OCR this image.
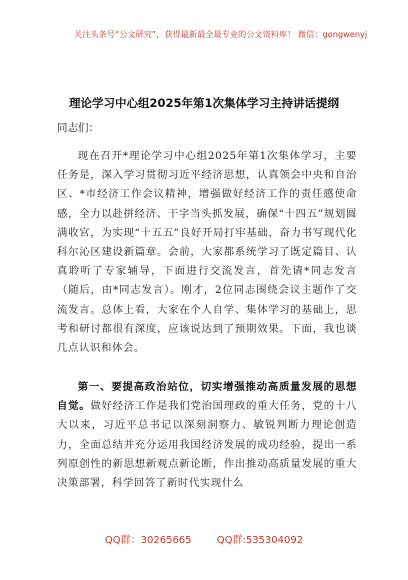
关注头条号“公文研究”，获得最新最全最专业的公文资料库！ 微信：gongwenyj
理论学习中心组2025年第1次集体学习主持讲话提纲
同志们：

现在召开*理论学习中心组2025年第1次集体学习，主要任务是，深入学习贯彻习近平经济思想，认真领会中央和自治区、*市经济工作会议精神，增强做好经济工作的责任感使命感，全力以赴拼经济、干字当头抓发展，确保“十四五”规划圆满收官，为实现“十五五”良好开局打牢基础，奋力书写现代化科尔沁区建设新篇章。会前，大家都系统学习了既定篇目、认真聆听了专家辅导，下面进行交流发言，首先请*同志发言（随后，由*同志发言）。刚才，2位同志围绕会议主题作了交流发言。总体上看，大家在个人自学、集体学习的基础上，思考和研讨都很有深度，应该说达到了预期效果。下面，我也谈几点认识和体会。

第一、要提高政治站位，切实增强推动高质量发展的思想自觉。做好经济工作是我们党治国理政的重大任务，党的十八大以来，习近平总书记以深刻洞察力、敏锐判断力理论创造力，全面总结并充分运用我国经济发展的成功经验，提出一系列原创性的新思想新观点新论断，作出推动高质量发展的重大决策部署，科学回答了新时代实现什么

QQ群：30265665	QQ群:535304092
